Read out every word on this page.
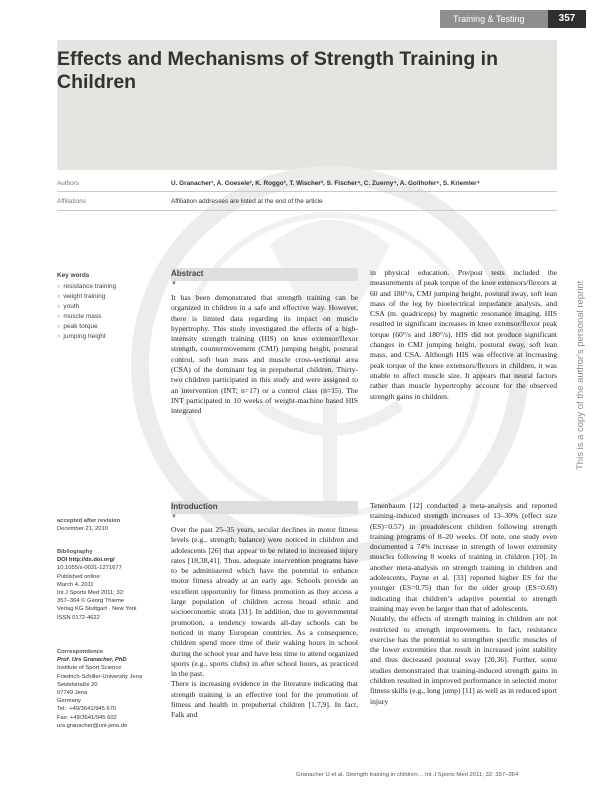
Training & Testing	357
Effects and Mechanisms of Strength Training in Children
Authors	U. Granacher¹, A. Goesele², K. Roggo³, T. Wischer³, S. Fischer⁴, C. Zuerny⁴, A. Gollhofer⁵, S. Kriemler⁴
Affiliations	Affiliation addresses are listed at the end of the article
Key words
○ resistance training
○ weight training
○ youth
○ muscle mass
○ peak torque
○ jumping height
accepted after revision
December 21, 2010
Bibliography
DOI http://dx.doi.org/
10.1055/s-0031-1271677
Published online:
March 4, 2011
Int J Sports Med 2011; 32:
357–364 © Georg Thieme
Verlag KG Stuttgart · New York
ISSN 0172-4622
Correspondence
Prof. Urs Granacher, PhD
Institute of Sport Science
Friedrich-Schiller-University Jena
Seidelstraße 20
07749 Jena
Germany
Tel.: +49/3641/945 670
Fax: +49/3641/945 602
urs.granacher@uni-jena.de
Abstract
▼
It has been demonstrated that strength training can be organized in children in a safe and effective way. However, there is limited data regarding its impact on muscle hypertrophy. This study investigated the effects of a high-intensity strength training (HIS) on knee extensor/flexor strength, countermovement (CMJ) jumping height, postural control, soft lean mass and muscle cross-sectional area (CSA) of the dominant leg in prepubertal children. Thirty-two children participated in this study and were assigned to an intervention (INT; n=17) or a control class (n=15). The INT participated in 10 weeks of weight-machine based HIS integrated
in physical education. Pre/post tests included the measurements of peak torque of the knee extensors/flexors at 60 and 180°/s, CMJ jumping height, postural sway, soft lean mass of the leg by bioelectrical impedance analysis, and CSA (m. quadriceps) by magnetic resonance imaging. HIS resulted in significant increases in knee extensor/flexor peak torque (60°/s and 180°/s). HIS did not produce significant changes in CMJ jumping height, postural sway, soft lean mass, and CSA. Although HIS was effective at increasing peak torque of the knee extensors/flexors in children, it was unable to affect muscle size. It appears that neural factors rather than muscle hypertrophy account for the observed strength gains in children.
Introduction
▼

Over the past 25–35 years, secular declines in motor fitness levels (e.g., strength, balance) were noticed in children and adolescents [26] that appear to be related to increased injury rates [18,38,41]. Thus, adequate intervention programs have to be administered which have the potential to enhance motor fitness already at an early age. Schools provide an excellent opportunity for fitness promotion as they access a large population of children across broad ethnic and socioeconomic strata [31]. In addition, due to governmental promotion, a tendency towards all-day schools can be noticed in many European countries. As a consequence, children spend more time of their waking hours in school during the school year and have less time to attend organized sports (e.g., sports clubs) in after school hours, as practiced in the past.

There is increasing evidence in the literature indicating that strength training is an effective tool for the promotion of fitness and health in prepubertal children [1,7,9]. In fact, Falk and

Tenenbaum [12] conducted a meta-analysis and reported training-induced strength increases of 13–30% (effect size (ES)=0.57) in preadolescent children following strength training programs of 8–20 weeks. Of note, one study even documented a 74% increase in strength of lower extremity muscles following 8 weeks of training in children [10]. In another meta-analysis on strength training in children and adolescents, Payne et al. [33] reported higher ES for the younger (ES=0.75) than for the older group (ES=0.69) indicating that children’s adaptive potential to strength training may even be larger than that of adolescents.

Notably, the effects of strength training in children are not restricted to strength improvements. In fact, resistance exercise has the potential to strengthen specific muscles of the lower extremities that result in increased joint stability and thus decreased postural sway [20,36]. Further, some studies demonstrated that training-induced strength gains in children resulted in improved performance in selected motor fitness skills (e.g., long jump) [11] as well as in reduced sport injury

This is a copy of the author's personal reprint
Granacher U et al. Strength training in children… Int J Sports Med 2011; 32: 357–364
